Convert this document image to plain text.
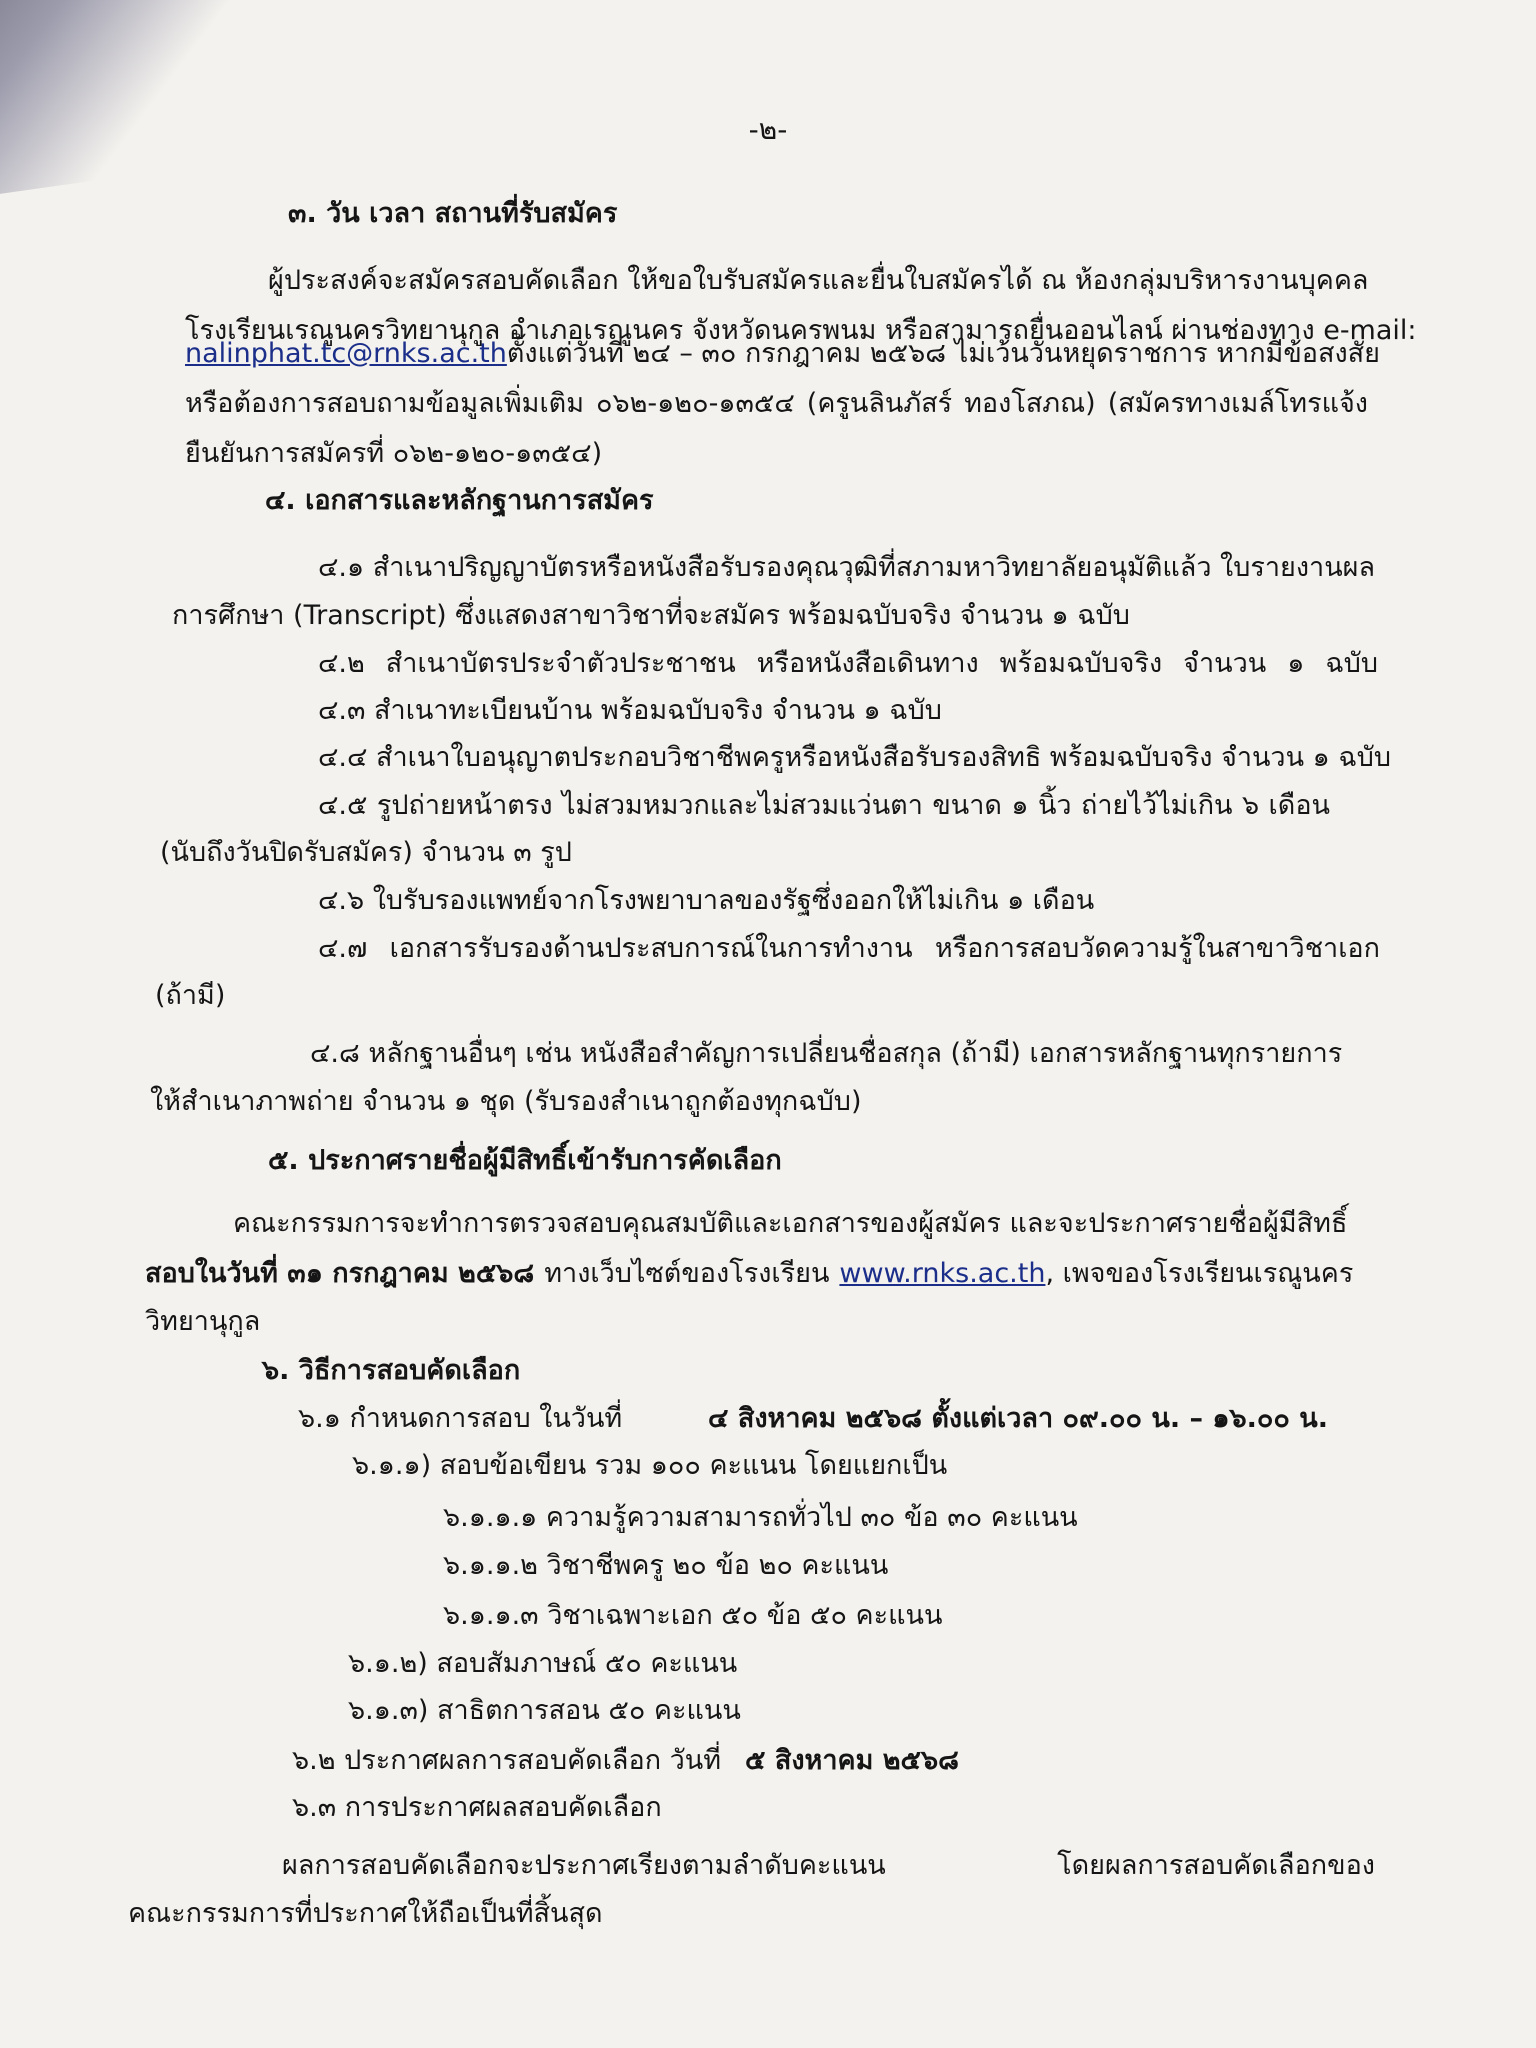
-๒-
๓. วัน เวลา สถานที่รับสมัคร
ผู้ประสงค์จะสมัครสอบคัดเลือก ให้ขอใบรับสมัครและยื่นใบสมัครได้ ณ ห้องกลุ่มบริหารงานบุคคล
โรงเรียนเรณูนครวิทยานุกูล อำเภอเรณูนคร จังหวัดนครพนม หรือสามารถยื่นออนไลน์ ผ่านช่องทาง e-mail:
nalinphat.tc@rnks.ac.th ตั้งแต่วันที่ ๒๔ – ๓๐ กรกฎาคม ๒๕๖๘ ไม่เว้นวันหยุดราชการ หากมีข้อสงสัย
หรือต้องการสอบถามข้อมูลเพิ่มเติม ๐๖๒-๑๒๐-๑๓๕๔ (ครูนลินภัสร์ ทองโสภณ) (สมัครทางเมล์โทรแจ้ง
ยืนยันการสมัครที่ ๐๖๒-๑๒๐-๑๓๕๔)
๔. เอกสารและหลักฐานการสมัคร
๔.๑ สำเนาปริญญาบัตรหรือหนังสือรับรองคุณวุฒิที่สภามหาวิทยาลัยอนุมัติแล้ว ใบรายงานผล
การศึกษา (Transcript) ซึ่งแสดงสาขาวิชาที่จะสมัคร พร้อมฉบับจริง จำนวน ๑ ฉบับ
๔.๒ สำเนาบัตรประจำตัวประชาชน หรือหนังสือเดินทาง พร้อมฉบับจริง จำนวน ๑ ฉบับ
๔.๓ สำเนาทะเบียนบ้าน พร้อมฉบับจริง จำนวน ๑ ฉบับ
๔.๔ สำเนาใบอนุญาตประกอบวิชาชีพครูหรือหนังสือรับรองสิทธิ พร้อมฉบับจริง จำนวน ๑ ฉบับ
๔.๕ รูปถ่ายหน้าตรง ไม่สวมหมวกและไม่สวมแว่นตา ขนาด ๑ นิ้ว ถ่ายไว้ไม่เกิน ๖ เดือน
(นับถึงวันปิดรับสมัคร) จำนวน ๓ รูป
๔.๖ ใบรับรองแพทย์จากโรงพยาบาลของรัฐซึ่งออกให้ไม่เกิน ๑ เดือน
๔.๗ เอกสารรับรองด้านประสบการณ์ในการทำงาน หรือการสอบวัดความรู้ในสาขาวิชาเอก
(ถ้ามี)
๔.๘ หลักฐานอื่นๆ เช่น หนังสือสำคัญการเปลี่ยนชื่อสกุล (ถ้ามี) เอกสารหลักฐานทุกรายการ
ให้สำเนาภาพถ่าย จำนวน ๑ ชุด (รับรองสำเนาถูกต้องทุกฉบับ)
๕. ประกาศรายชื่อผู้มีสิทธิ์เข้ารับการคัดเลือก
คณะกรรมการจะทำการตรวจสอบคุณสมบัติและเอกสารของผู้สมัคร และจะประกาศรายชื่อผู้มีสิทธิ์
สอบในวันที่ ๓๑ กรกฎาคม ๒๕๖๘ ทางเว็บไซต์ของโรงเรียน www.rnks.ac.th , เพจของโรงเรียนเรณูนคร
วิทยานุกูล
๖. วิธีการสอบคัดเลือก
๖.๑ กำหนดการสอบ ในวันที่	๔ สิงหาคม ๒๕๖๘ ตั้งแต่เวลา ๐๙.๐๐ น. – ๑๖.๐๐ น.
๖.๑.๑) สอบข้อเขียน รวม ๑๐๐ คะแนน โดยแยกเป็น
๖.๑.๑.๑ ความรู้ความสามารถทั่วไป ๓๐ ข้อ ๓๐ คะแนน
๖.๑.๑.๒ วิชาชีพครู ๒๐ ข้อ ๒๐ คะแนน
๖.๑.๑.๓ วิชาเฉพาะเอก ๕๐ ข้อ ๕๐ คะแนน
๖.๑.๒) สอบสัมภาษณ์ ๕๐ คะแนน
๖.๑.๓) สาธิตการสอน ๕๐ คะแนน
๖.๒ ประกาศผลการสอบคัดเลือก วันที่ ๕ สิงหาคม ๒๕๖๘
๖.๓ การประกาศผลสอบคัดเลือก
ผลการสอบคัดเลือกจะประกาศเรียงตามลำดับคะแนน โดยผลการสอบคัดเลือกของ
คณะกรรมการที่ประกาศให้ถือเป็นที่สิ้นสุด
